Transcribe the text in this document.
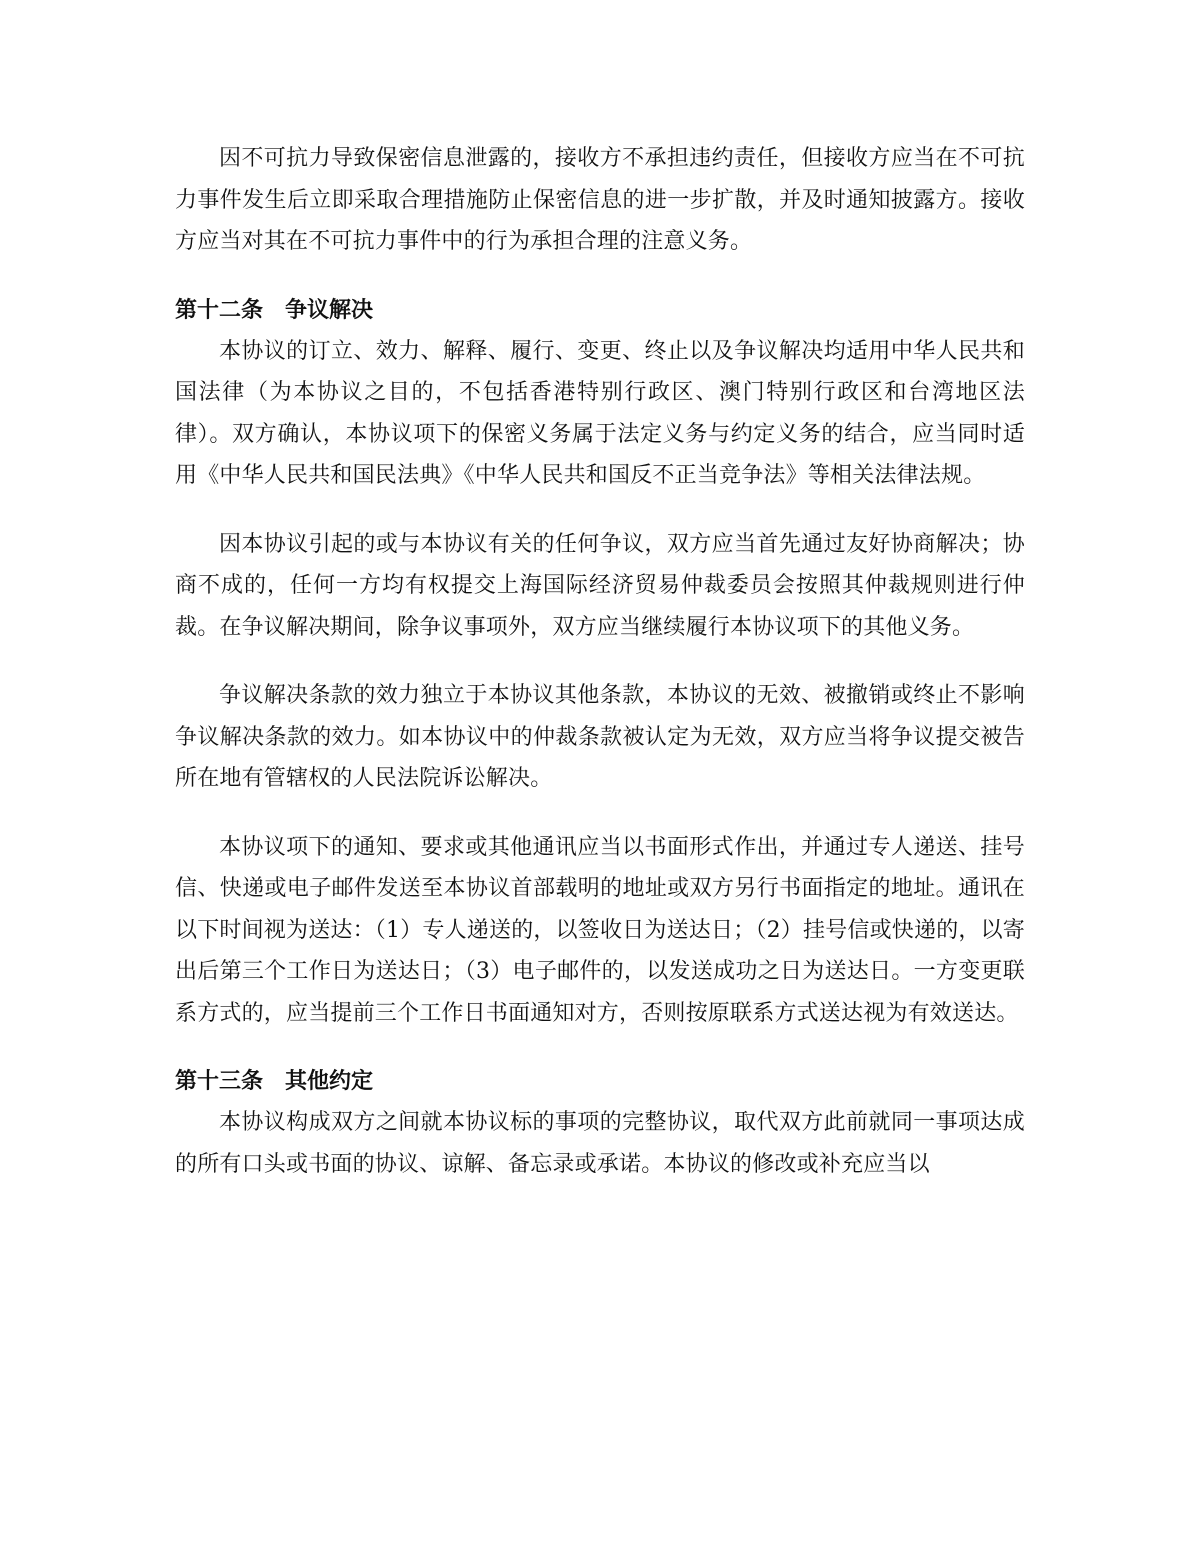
因不可抗力导致保密信息泄露的，接收方不承担违约责任，但接收方应当在不可抗力事件发生后立即采取合理措施防止保密信息的进一步扩散，并及时通知披露方。接收方应当对其在不可抗力事件中的行为承担合理的注意义务。

第十二条　争议解决

本协议的订立、效力、解释、履行、变更、终止以及争议解决均适用中华人民共和国法律（为本协议之目的，不包括香港特别行政区、澳门特别行政区和台湾地区法律）。双方确认，本协议项下的保密义务属于法定义务与约定义务的结合，应当同时适用《中华人民共和国民法典》《中华人民共和国反不正当竞争法》等相关法律法规。

因本协议引起的或与本协议有关的任何争议，双方应当首先通过友好协商解决；协商不成的，任何一方均有权提交上海国际经济贸易仲裁委员会按照其仲裁规则进行仲裁。在争议解决期间，除争议事项外，双方应当继续履行本协议项下的其他义务。

争议解决条款的效力独立于本协议其他条款，本协议的无效、被撤销或终止不影响争议解决条款的效力。如本协议中的仲裁条款被认定为无效，双方应当将争议提交被告所在地有管辖权的人民法院诉讼解决。

本协议项下的通知、要求或其他通讯应当以书面形式作出，并通过专人递送、挂号信、快递或电子邮件发送至本协议首部载明的地址或双方另行书面指定的地址。通讯在以下时间视为送达：（1）专人递送的，以签收日为送达日；（2）挂号信或快递的，以寄出后第三个工作日为送达日；（3）电子邮件的，以发送成功之日为送达日。一方变更联系方式的，应当提前三个工作日书面通知对方，否则按原联系方式送达视为有效送达。

第十三条　其他约定

本协议构成双方之间就本协议标的事项的完整协议，取代双方此前就同一事项达成的所有口头或书面的协议、谅解、备忘录或承诺。本协议的修改或补充应当以
